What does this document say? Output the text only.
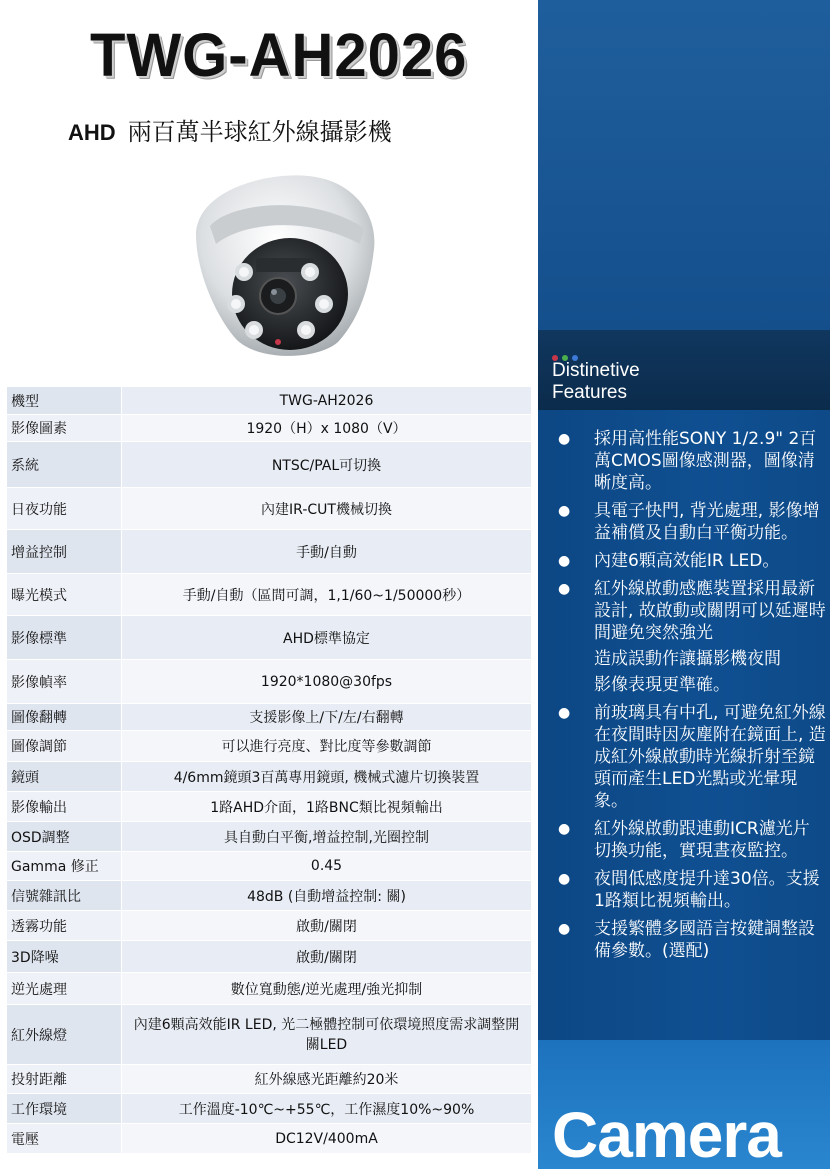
TWG-AH2026
AHD 兩百萬半球紅外線攝影機
Distinetive
Features
● 採用高性能SONY 1/2.9" 2百萬CMOS圖像感測器，圖像清晰度高。
● 具電子快門, 背光處理, 影像增益補償及自動白平衡功能。
● 內建6顆高效能IR LED。
● 紅外線啟動感應裝置採用最新設計, 故啟動或關閉可以延遲時間避免突然強光
造成誤動作讓攝影機夜間
影像表現更準確。
● 前玻璃具有中孔, 可避免紅外線在夜間時因灰塵附在鏡面上, 造成紅外線啟動時光線折射至鏡頭而產生LED光點或光暈現象。
● 紅外線啟動跟連動ICR濾光片切換功能，實現晝夜監控。
● 夜間低感度提升達30倍。支援1路類比視頻輸出。
● 支援繁體多國語言按鍵調整設備參數。(選配)
Camera
機型	TWG-AH2026
影像圖素	1920（H）x 1080（V）
系統	NTSC/PAL可切換
日夜功能	內建IR-CUT機械切換
增益控制	手動/自動
曝光模式	手動/自動（區間可調，1,1/60~1/50000秒）
影像標準	AHD標準協定
影像幀率	1920*1080@30fps
圖像翻轉	支援影像上/下/左/右翻轉
圖像調節	可以進行亮度、對比度等參數調節
鏡頭	4/6mm鏡頭3百萬專用鏡頭, 機械式濾片切換裝置
影像輸出	1路AHD介面，1路BNC類比視頻輸出
OSD調整	具自動白平衡,增益控制,光圈控制
Gamma 修正	0.45
信號雜訊比	48dB (自動增益控制: 關)
透霧功能	啟動/關閉
3D降噪	啟動/關閉
逆光處理	數位寬動態/逆光處理/強光抑制
紅外線燈	內建6顆高效能IR LED, 光二極體控制可依環境照度需求調整開關LED
投射距離	紅外線感光距離約20米
工作環境	工作溫度-10℃~+55℃，工作濕度10%~90%
電壓	DC12V/400mA
